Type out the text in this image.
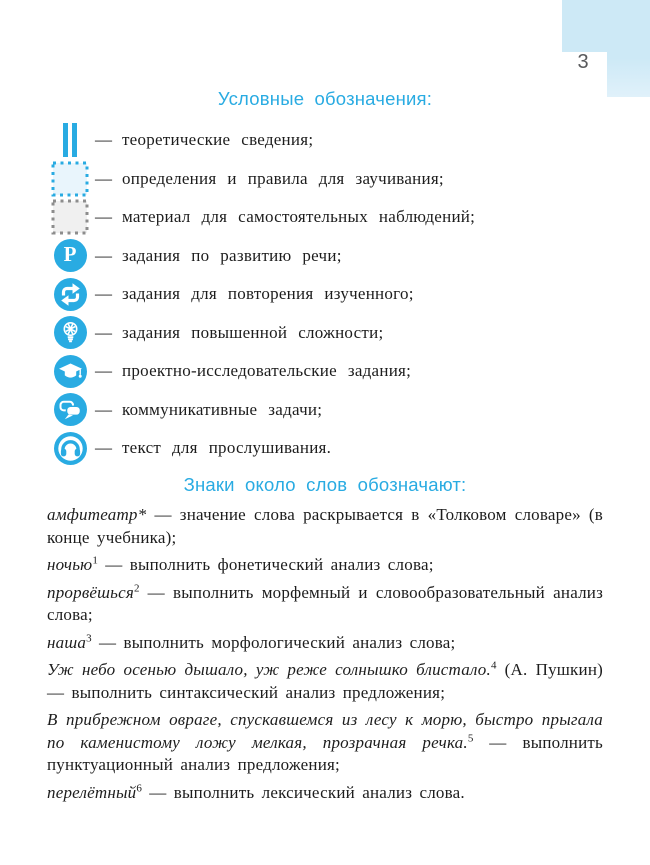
3
Условные обозначения:
— теоретические сведения;
— определения и правила для заучивания;
— материал для самостоятельных наблюдений;
Р — задания по развитию речи;
— задания для повторения изученного;
— задания повышенной сложности;
— проектно-исследовательские задания;
— коммуникативные задачи;
— текст для прослушивания.
Знаки около слов обозначают:

амфитеатр* — значение слова раскрывается в «Толковом словаре» (в конце учебника);

ночью$^1$ — выполнить фонетический анализ слова;

прорвёшься$^2$ — выполнить морфемный и словообразовательный анализ слова;

наша$^3$ — выполнить морфологический анализ слова;

Уж небо осенью дышало, уж реже солнышко блистало.$^4$ (А. Пушкин) — выполнить синтаксический анализ предложения;

В прибрежном овраге, спускавшемся из лесу к морю, быстро прыгала по каменистому ложу мелкая, прозрачная речка.$^5$ — выполнить пунктуационный анализ предложения;

перелётный$^6$ — выполнить лексический анализ слова.
